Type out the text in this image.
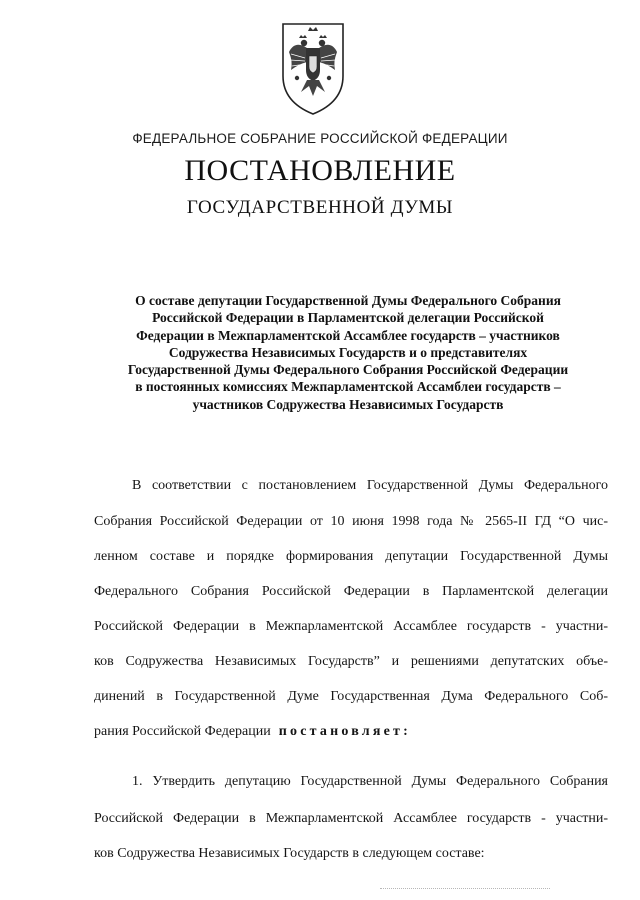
ФЕДЕРАЛЬНОЕ СОБРАНИЕ РОССИЙСКОЙ ФЕДЕРАЦИИ
ПОСТАНОВЛЕНИЕ
ГОСУДАРСТВЕННОЙ ДУМЫ
О составе депутации Государственной Думы Федерального Собрания
Российской Федерации в Парламентской делегации Российской
Федерации в Межпарламентской Ассамблее государств – участников
Содружества Независимых Государств и о представителях
Государственной Думы Федерального Собрания Российской Федерации
в постоянных комиссиях Межпарламентской Ассамблеи государств –
участников Содружества Независимых Государств
В соответствии с постановлением Государственной Думы Федерального
Собрания Российской Федерации от 10 июня 1998 года № 2565-II ГД “О чис-
ленном составе и порядке формирования депутации Государственной Думы
Федерального Собрания Российской Федерации в Парламентской делегации
Российской Федерации в Межпарламентской Ассамблее государств - участни-
ков Содружества Независимых Государств” и решениями депутатских объе-
динений в Государственной Думе Государственная Дума Федерального Соб-
рания Российской Федерации постановляет:
1. Утвердить депутацию Государственной Думы Федерального Собрания
Российской Федерации в Межпарламентской Ассамблее государств - участни-
ков Содружества Независимых Государств в следующем составе:
